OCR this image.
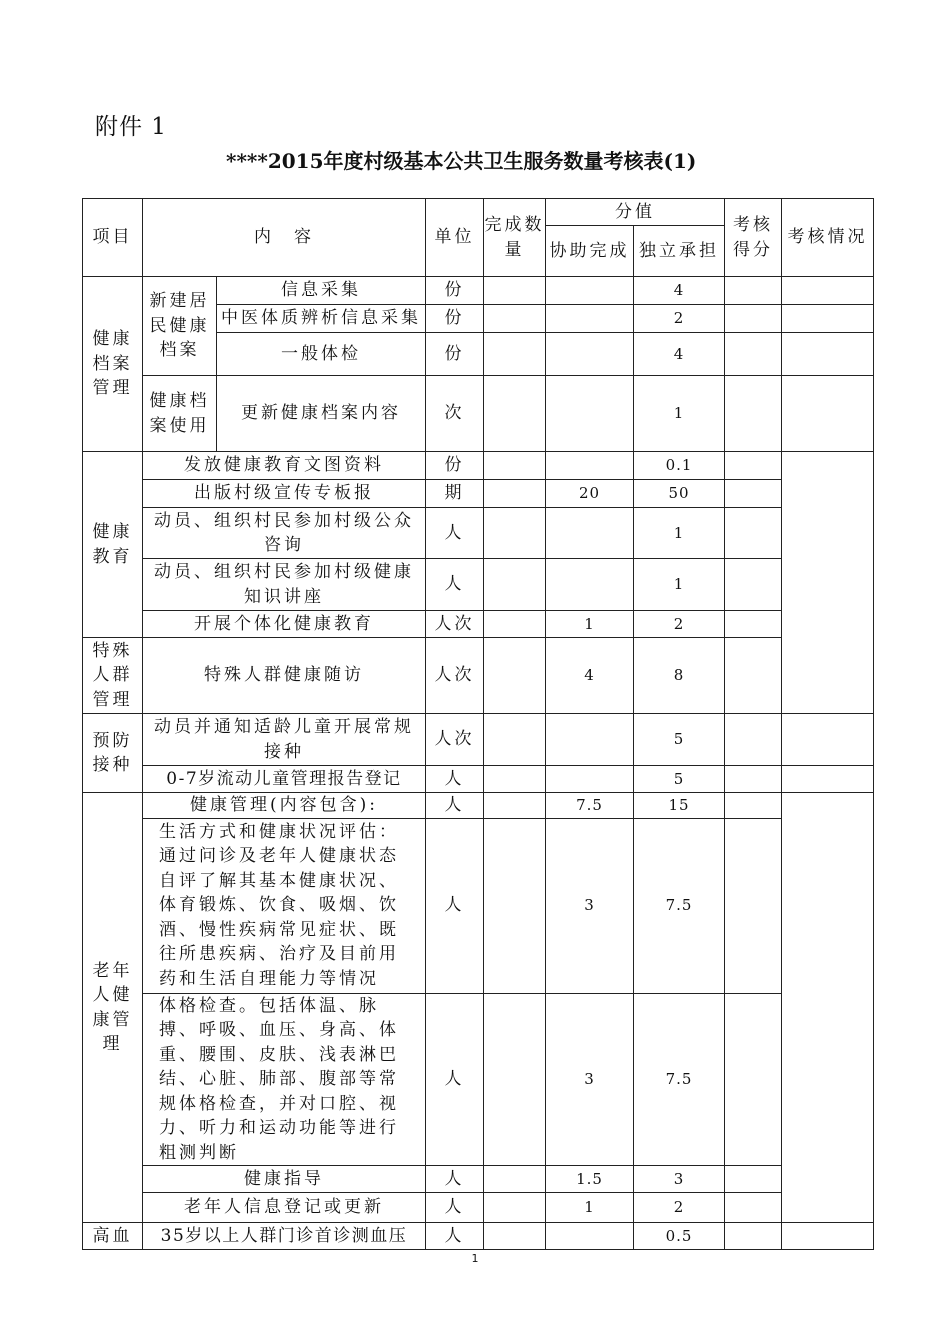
附件 1
****2015年度村级基本公共卫生服务数量考核表(1)
项目	内　容		单位	完成数量	分值		考核得分	考核情况
					协助完成	独立承担		
健康档案管理	新建居民健康档案	信息采集	份			4		
		中医体质辨析信息采集	份			2		
		一般体检	份			4		
	健康档案使用	更新健康档案内容	次			1		
健康教育	发放健康教育文图资料		份			0.1		
	出版村级宣传专板报		期		20	50		
	动员、组织村民参加村级公众咨询		人			1		
	动员、组织村民参加村级健康知识讲座		人			1		
	开展个体化健康教育		人次		1	2		
特殊人群管理	特殊人群健康随访		人次		4	8		
预防接种	动员并通知适龄儿童开展常规接种		人次			5		
	0-7岁流动儿童管理报告登记		人			5		
老年人健康管理	健康管理(内容包含):		人		7.5	15		
	生活方式和健康状况评估：通过问诊及老年人健康状态自评了解其基本健康状况、体育锻炼、饮食、吸烟、饮酒、慢性疾病常见症状、既往所患疾病、治疗及目前用药和生活自理能力等情况		人		3	7.5		
	体格检查。包括体温、脉搏、呼吸、血压、身高、体重、腰围、皮肤、浅表淋巴结、心脏、肺部、腹部等常规体格检查，并对口腔、视力、听力和运动功能等进行粗测判断		人		3	7.5		
	健康指导		人		1.5	3		
	老年人信息登记或更新		人		1	2		
高血	35岁以上人群门诊首诊测血压		人			0.5		
1
